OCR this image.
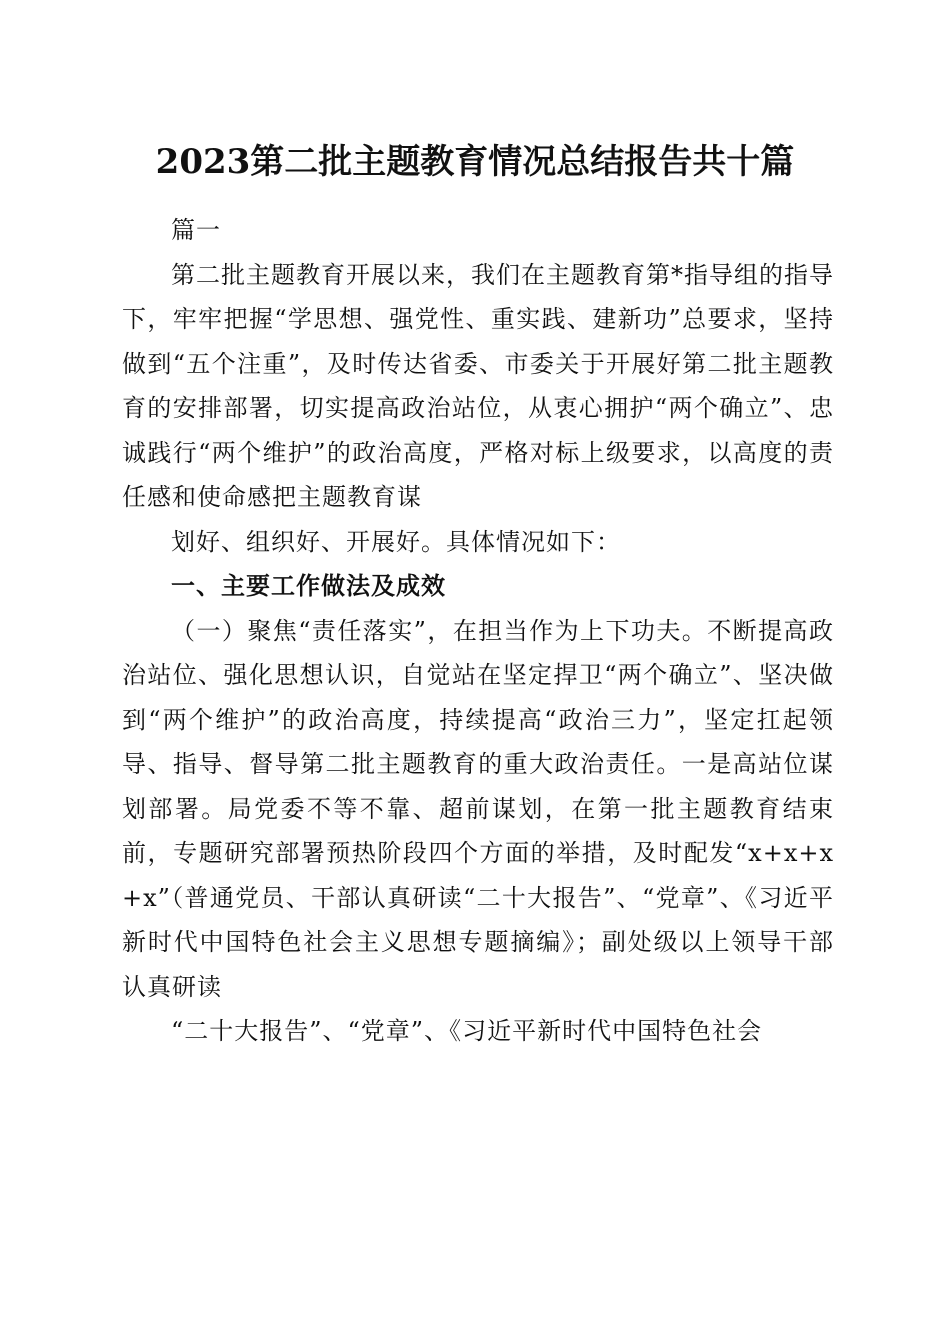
2023第二批主题教育情况总结报告共十篇

篇一

第二批主题教育开展以来，我们在主题教育第*指导组的指导下，牢牢把握“学思想、强党性、重实践、建新功”总要求，坚持做到“五个注重”，及时传达省委、市委关于开展好第二批主题教育的安排部署，切实提高政治站位，从衷心拥护“两个确立”、忠诚践行“两个维护”的政治高度，严格对标上级要求，以高度的责任感和使命感把主题教育谋

划好、组织好、开展好。具体情况如下：

一、主要工作做法及成效

（一）聚焦“责任落实”，在担当作为上下功夫。不断提高政治站位、强化思想认识，自觉站在坚定捍卫“两个确立”、坚决做到“两个维护”的政治高度，持续提高“政治三力”，坚定扛起领导、指导、督导第二批主题教育的重大政治责任。一是高站位谋划部署。局党委不等不靠、超前谋划，在第一批主题教育结束前，专题研究部署预热阶段四个方面的举措，及时配发“x+x+x+x”（普通党员、干部认真研读“二十大报告”、“党章”、《习近平新时代中国特色社会主义思想专题摘编》；副处级以上领导干部认真研读

“二十大报告”、“党章”、《习近平新时代中国特色社会
